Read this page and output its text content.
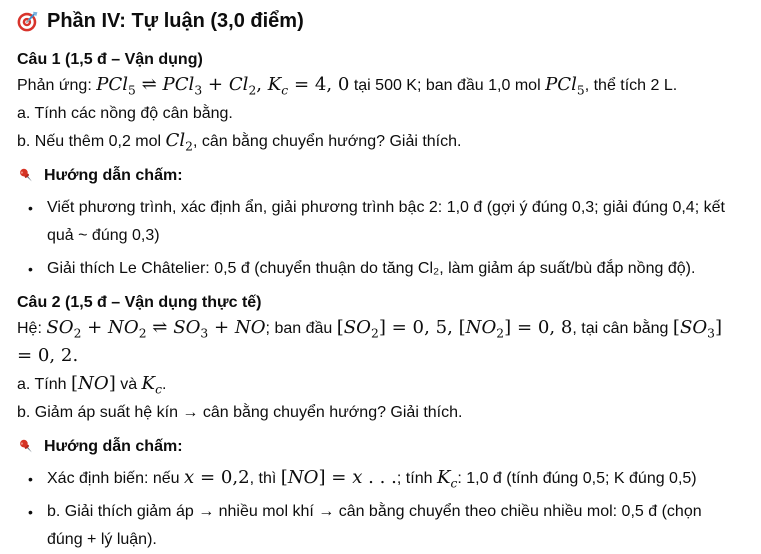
Phần IV: Tự luận (3,0 điểm)

Câu 1 (1,5 đ – Vận dụng)

Phản ứng: PCl$_5$ ⇌ $PCl_3 + Cl_2$, $K_c = 4$, 0 tại 500 K; ban đầu 1,0 mol PCl$_5$, thể tích 2 L.
a. Tính các nồng độ cân bằng.
b. Nếu thêm 0,2 mol $Cl_2$, cân bằng chuyển hướng? Giải thích.

Hướng dẫn chấm:

• Viết phương trình, xác định ẩn, giải phương trình bậc 2: 1,0 đ (gợi ý đúng 0,3; giải đúng 0,4; kết quả ~ đúng 0,3)
• Giải thích Le Châtelier: 0,5 đ (chuyển thuận do tăng Cl₂, làm giảm áp suất/bù đắp nồng độ).

Câu 2 (1,5 đ – Vận dụng thực tế)

Hệ: $SO_2 + NO_2$ ⇌ $SO_3$ + NO; ban đầu $[SO_2] = 0$, 5, $[NO_2] = 0$, 8, tại cân bằng $[SO_3] = 0$, 2.
a. Tính [NO] và $K_c$.
b. Giảm áp suất hệ kín → cân bằng chuyển hướng? Giải thích.

Hướng dẫn chấm:

• Xác định biến: nếu x = 0,2, thì [NO] = x . . .; tính $K_c$: 1,0 đ (tính đúng 0,5; K đúng 0,5)
• b. Giải thích giảm áp → nhiều mol khí → cân bằng chuyển theo chiều nhiều mol: 0,5 đ (chọn đúng + lý luận).
